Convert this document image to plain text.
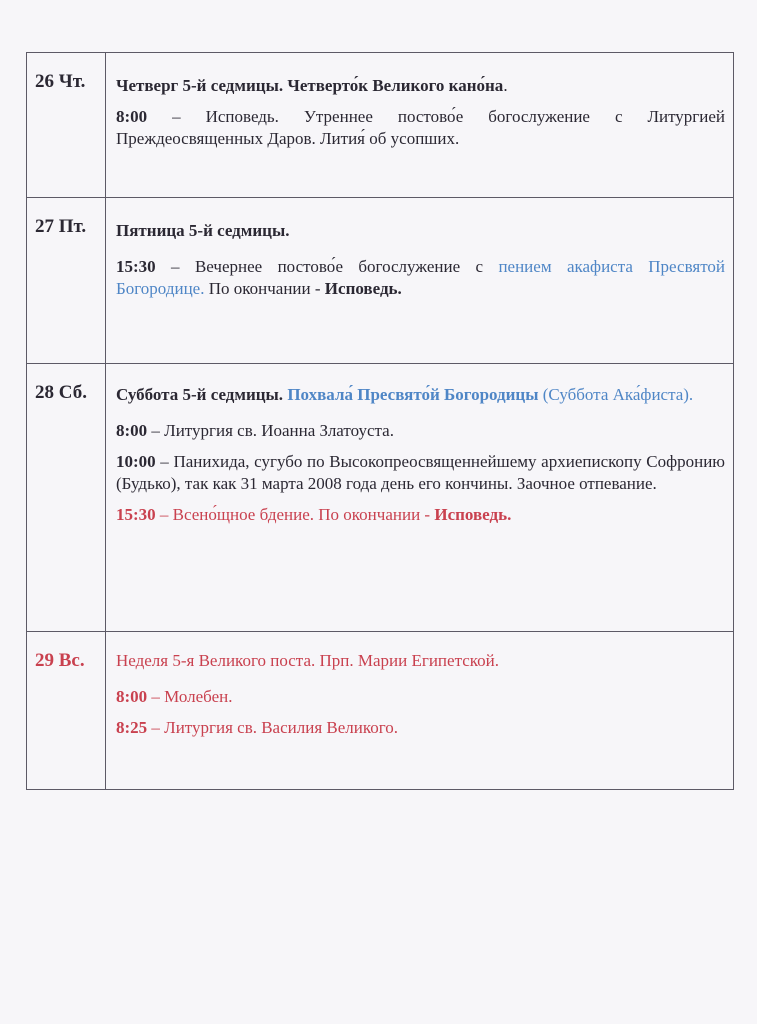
26 Чт.	Четверг 5-й седмицы. Четверто́к Великого кано́на.

8:00 – Исповедь. Утреннее постово́е богослужение с Литургией Преждеосвященных Даров. Лития́ об усопших.

27 Пт.	Пятница 5-й седмицы.

15:30 – Вечернее постово́е богослужение с пением акафиста Пресвятой Богородице. По окончании - Исповедь.

28 Сб.	Суббота 5-й седмицы. Похвала́ Пресвято́й Богородицы (Суббота Ака́фиста).

8:00 – Литургия св. Иоанна Златоуста.

10:00 – Панихида, сугубо по Высокопреосвященнейшему архиепископу Софронию (Будько), так как 31 марта 2008 года день его кончины. Заочное отпевание.

15:30 – Всено́щное бдение. По окончании - Исповедь.

29 Вс.	Неделя 5-я Великого поста. Прп. Марии Египетской.

8:00 – Молебен.

8:25 – Литургия св. Василия Великого.
